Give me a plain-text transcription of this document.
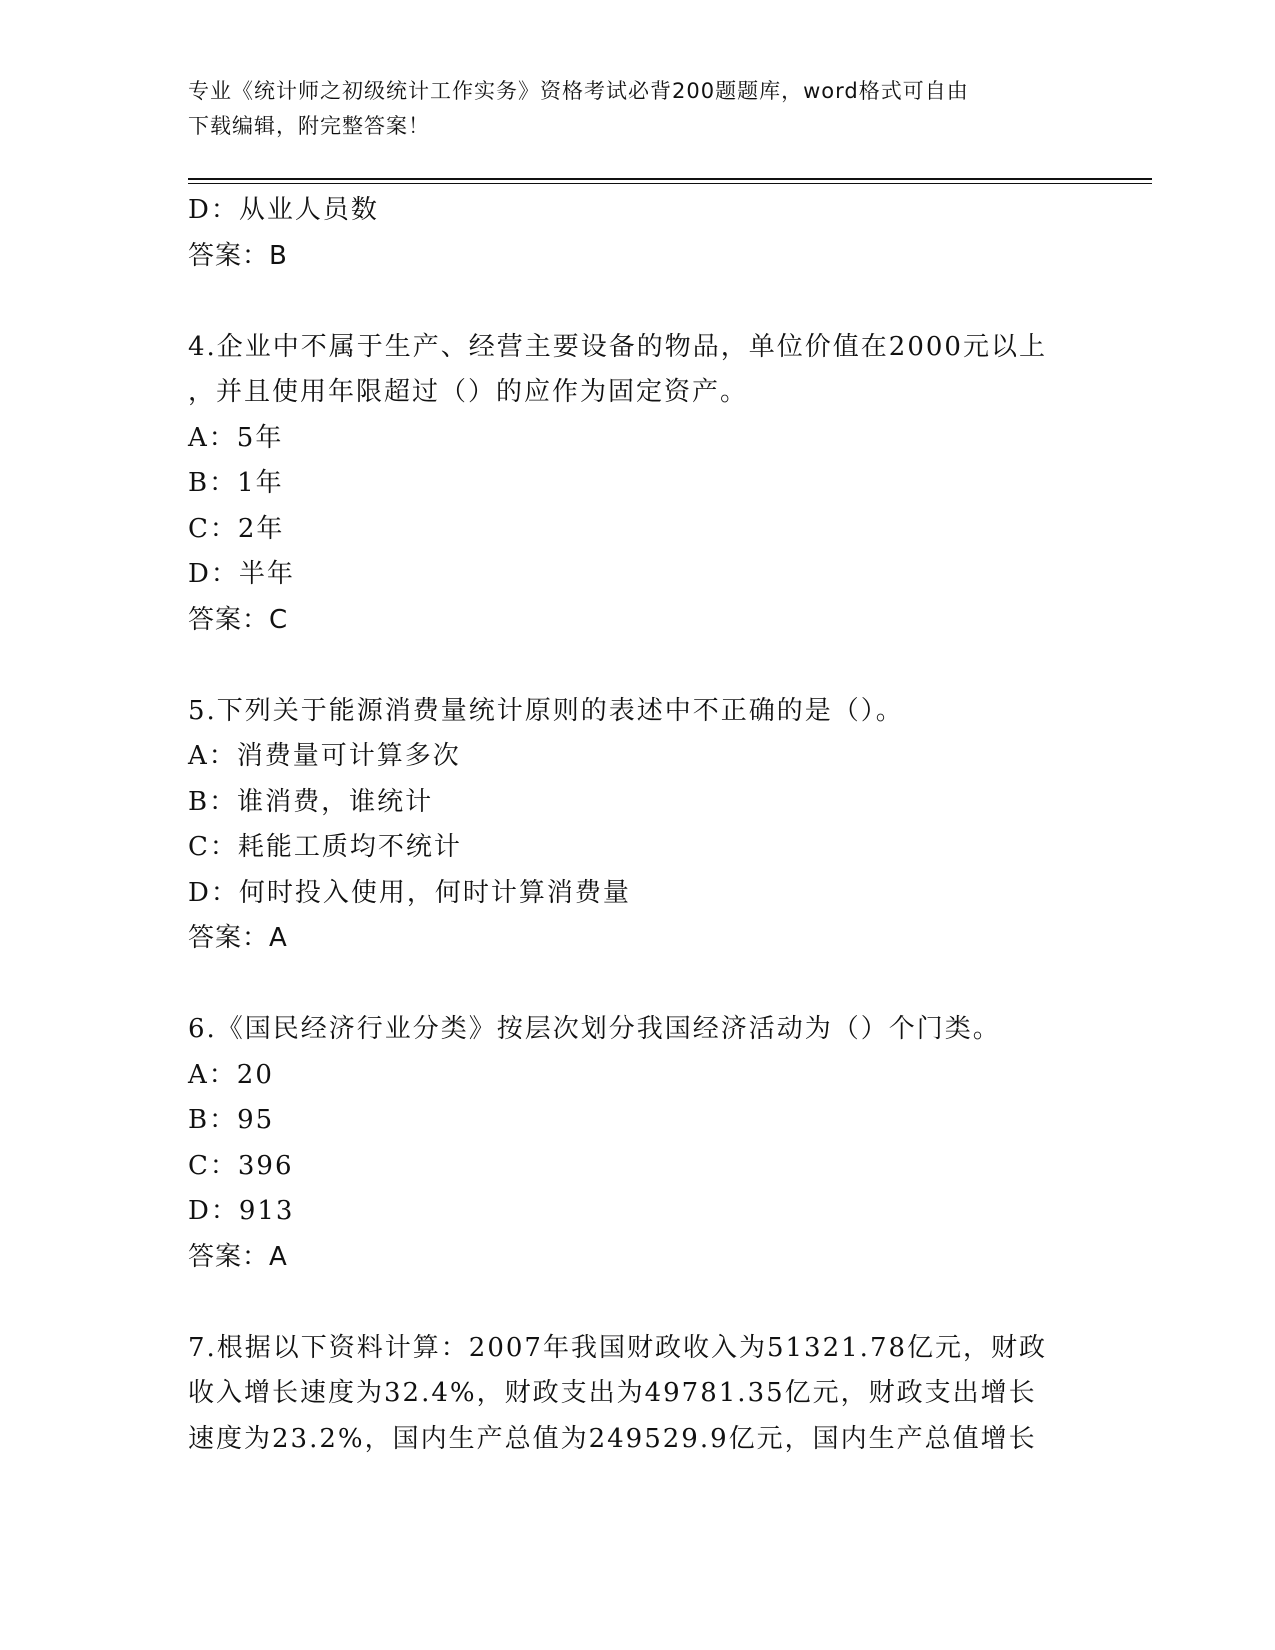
专业《统计师之初级统计工作实务》资格考试必背200题题库，word格式可自由
下载编辑，附完整答案！
D：从业人员数
答案：B
4.企业中不属于生产、经营主要设备的物品，单位价值在2000元以上
，并且使用年限超过（）的应作为固定资产。
A：5年
B：1年
C：2年
D：半年
答案：C
5.下列关于能源消费量统计原则的表述中不正确的是（）。
A：消费量可计算多次
B：谁消费，谁统计
C：耗能工质均不统计
D：何时投入使用，何时计算消费量
答案：A
6.《国民经济行业分类》按层次划分我国经济活动为（）个门类。
A：20
B：95
C：396
D：913
答案：A
7.根据以下资料计算：2007年我国财政收入为51321.78亿元，财政
收入增长速度为32.4%，财政支出为49781.35亿元，财政支出增长
速度为23.2%，国内生产总值为249529.9亿元，国内生产总值增长
